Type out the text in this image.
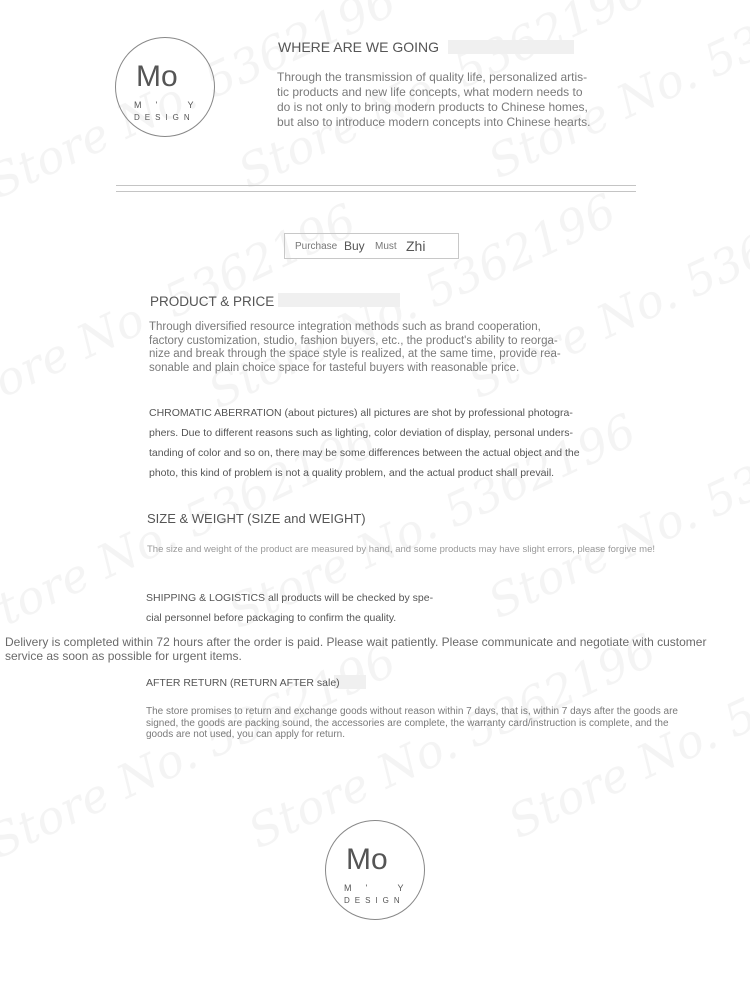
Mo
M' Y
DESIGN
WHERE ARE WE GOING
Through the transmission of quality life, personalized artis-
tic products and new life concepts, what modern needs to
do is not only to bring modern products to Chinese homes,
but also to introduce modern concepts into Chinese hearts.
Purchase Buy Must Zhi
PRODUCT & PRICE
Through diversified resource integration methods such as brand cooperation,
factory customization, studio, fashion buyers, etc., the product's ability to reorga-
nize and break through the space style is realized, at the same time, provide rea-
sonable and plain choice space for tasteful buyers with reasonable price.
CHROMATIC ABERRATION (about pictures) all pictures are shot by professional photogra-
phers. Due to different reasons such as lighting, color deviation of display, personal unders-
tanding of color and so on, there may be some differences between the actual object and the
photo, this kind of problem is not a quality problem, and the actual product shall prevail.
SIZE & WEIGHT (SIZE and WEIGHT)
The size and weight of the product are measured by hand, and some products may have slight errors, please forgive me!
SHIPPING & LOGISTICS all products will be checked by spe-
cial personnel before packaging to confirm the quality.
Delivery is completed within 72 hours after the order is paid. Please wait patiently. Please communicate and negotiate with customer
service as soon as possible for urgent items.
AFTER RETURN (RETURN AFTER sale)
The store promises to return and exchange goods without reason within 7 days, that is, within 7 days after the goods are
signed, the goods are packing sound, the accessories are complete, the warranty card/instruction is complete, and the
goods are not used, you can apply for return.
Mo
M' Y
DESIGN
